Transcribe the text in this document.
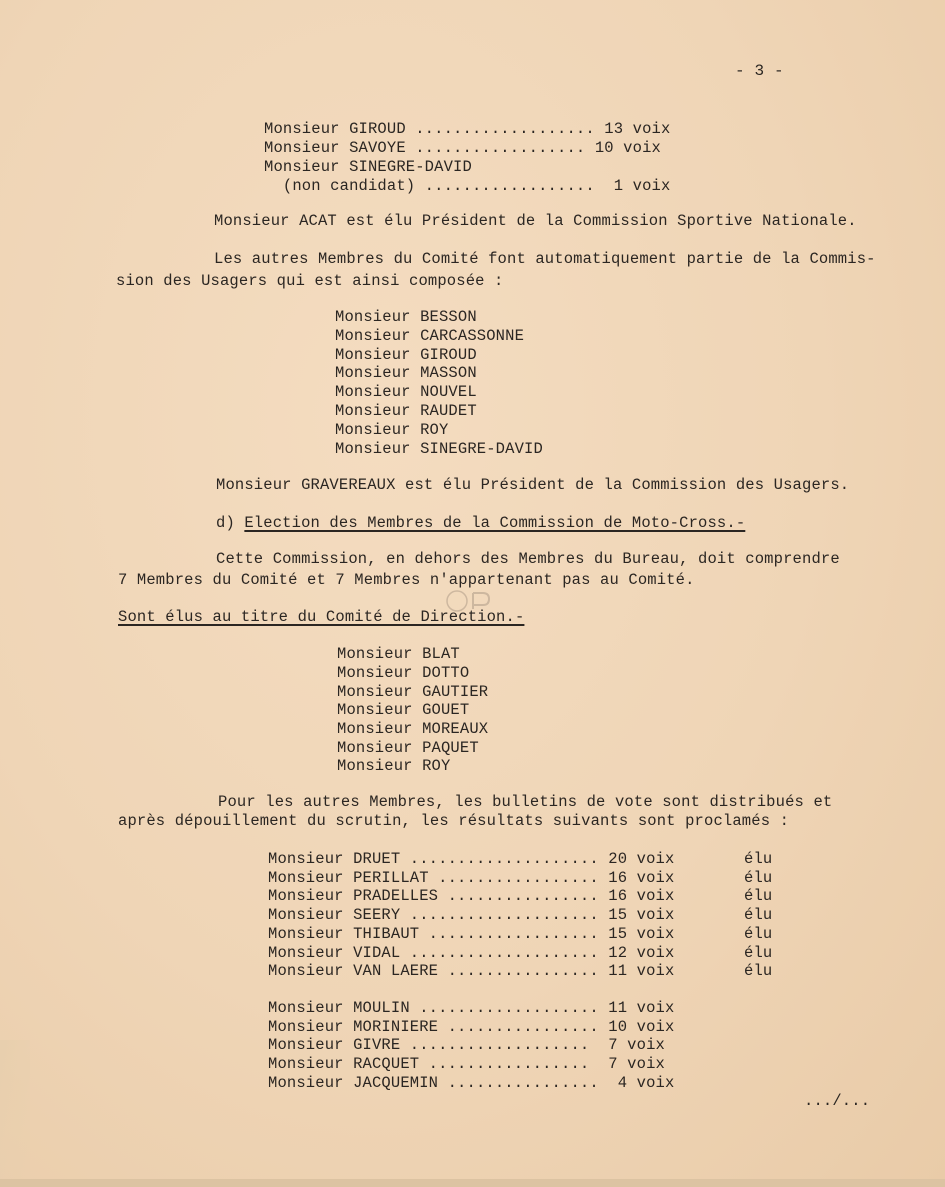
- 3 -
Monsieur GIROUD ................... 13 voix
Monsieur SAVOYE .................. 10 voix
Monsieur SINEGRE-DAVID
(non candidat) ..................  1 voix
Monsieur ACAT est élu Président de la Commission Sportive Nationale.
Les autres Membres du Comité font automatiquement partie de la Commis-
sion des Usagers qui est ainsi composée :
Monsieur BESSON
Monsieur CARCASSONNE
Monsieur GIROUD
Monsieur MASSON
Monsieur NOUVEL
Monsieur RAUDET
Monsieur ROY
Monsieur SINEGRE-DAVID
Monsieur GRAVEREAUX est élu Président de la Commission des Usagers.
d) Election des Membres de la Commission de Moto-Cross.-
Cette Commission, en dehors des Membres du Bureau, doit comprendre
7 Membres du Comité et 7 Membres n'appartenant pas au Comité.
Sont élus au titre du Comité de Direction.-
Monsieur BLAT
Monsieur DOTTO
Monsieur GAUTIER
Monsieur GOUET
Monsieur MOREAUX
Monsieur PAQUET
Monsieur ROY
Pour les autres Membres, les bulletins de vote sont distribués et
après dépouillement du scrutin, les résultats suivants sont proclamés :
Monsieur DRUET .................... 20 voix
Monsieur PERILLAT ................. 16 voix
Monsieur PRADELLES ................ 16 voix
Monsieur SEERY .................... 15 voix
Monsieur THIBAUT .................. 15 voix
Monsieur VIDAL .................... 12 voix
Monsieur VAN LAERE ................ 11 voix
élu
élu
élu
élu
élu
élu
élu
Monsieur MOULIN ................... 11 voix
Monsieur MORINIERE ................ 10 voix
Monsieur GIVRE ...................  7 voix
Monsieur RACQUET .................  7 voix
Monsieur JACQUEMIN ................  4 voix
.../...
